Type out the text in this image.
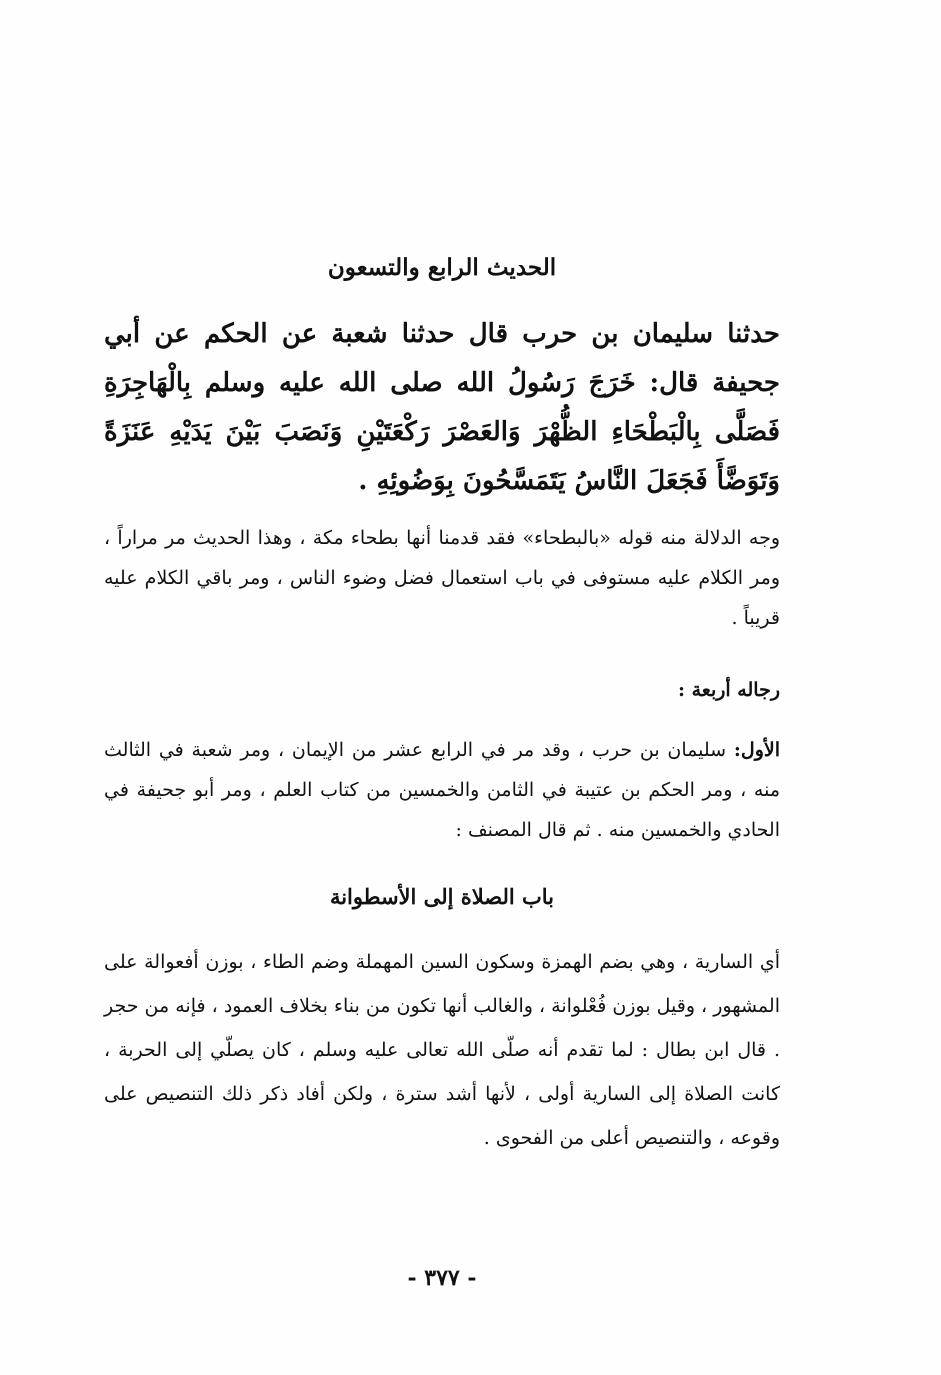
الحديث الرابع والتسعون
حدثنا سليمان بن حرب قال حدثنا شعبة عن الحكم عن أبي جحيفة قال: خَرَجَ رَسُولُ الله صلى الله عليه وسلم بِالْهَاجِرَةِ فَصَلَّى بِالْبَطْحَاءِ الظُّهْرَ وَالعَصْرَ رَكْعَتَيْنِ وَنَصَبَ بَيْنَ يَدَيْهِ عَنَزَةً وَتَوَضَّأَ فَجَعَلَ النَّاسُ يَتَمَسَّحُونَ بِوَضُوئِهِ .
وجه الدلالة منه قوله «بالبطحاء» فقد قدمنا أنها بطحاء مكة ، وهذا الحديث مر مراراً ، ومر الكلام عليه مستوفى في باب استعمال فضل وضوء الناس ، ومر باقي الكلام عليه قريباً .
رجاله أربعة :
الأول: سليمان بن حرب ، وقد مر في الرابع عشر من الإيمان ، ومر شعبة في الثالث منه ، ومر الحكم بن عتيبة في الثامن والخمسين من كتاب العلم ، ومر أبو جحيفة في الحادي والخمسين منه . ثم قال المصنف :
باب الصلاة إلى الأسطوانة
أي السارية ، وهي بضم الهمزة وسكون السين المهملة وضم الطاء ، بوزن أفعوالة على المشهور ، وقيل بوزن فُعْلوانة ، والغالب أنها تكون من بناء بخلاف العمود ، فإنه من حجر . قال ابن بطال : لما تقدم أنه صلّى الله تعالى عليه وسلم ، كان يصلّي إلى الحربة ، كانت الصلاة إلى السارية أولى ، لأنها أشد سترة ، ولكن أفاد ذكر ذلك التنصيص على وقوعه ، والتنصيص أعلى من الفحوى .
- ٣٧٧ -
